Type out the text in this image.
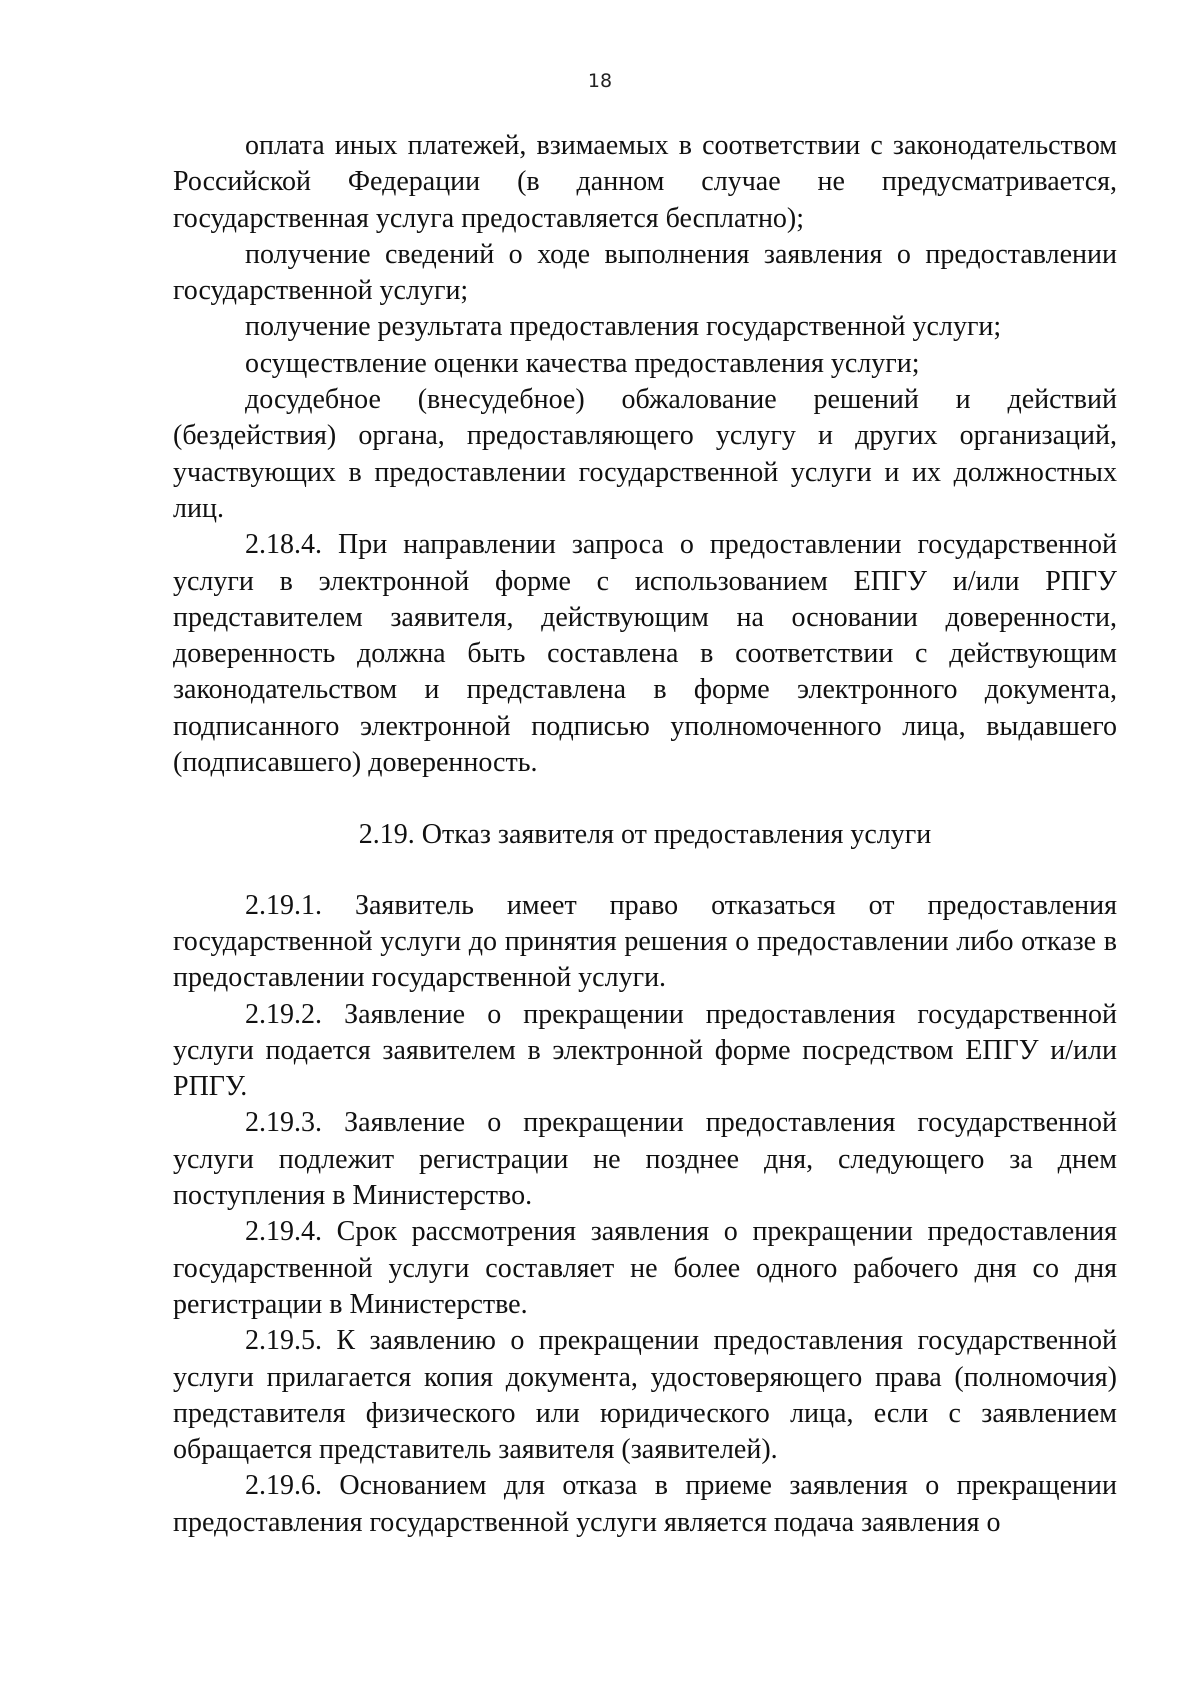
18

оплата иных платежей, взимаемых в соответствии с законодательством Российской Федерации (в данном случае не предусматривается, государственная услуга предоставляется бесплатно);

получение сведений о ходе выполнения заявления о предоставлении государственной услуги;

получение результата предоставления государственной услуги;

осуществление оценки качества предоставления услуги;

досудебное (внесудебное) обжалование решений и действий (бездействия) органа, предоставляющего услугу и других организаций, участвующих в предоставлении государственной услуги и их должностных лиц.

2.18.4. При направлении запроса о предоставлении государственной услуги в электронной форме с использованием ЕПГУ и/или РПГУ представителем заявителя, действующим на основании доверенности, доверенность должна быть составлена в соответствии с действующим законодательством и представлена в форме электронного документа, подписанного электронной подписью уполномоченного лица, выдавшего (подписавшего) доверенность.

2.19. Отказ заявителя от предоставления услуги

2.19.1. Заявитель имеет право отказаться от предоставления государственной услуги до принятия решения о предоставлении либо отказе в предоставлении государственной услуги.

2.19.2. Заявление о прекращении предоставления государственной услуги подается заявителем в электронной форме посредством ЕПГУ и/или РПГУ.

2.19.3. Заявление о прекращении предоставления государственной услуги подлежит регистрации не позднее дня, следующего за днем поступления в Министерство.

2.19.4. Срок рассмотрения заявления о прекращении предоставления государственной услуги составляет не более одного рабочего дня со дня регистрации в Министерстве.

2.19.5. К заявлению о прекращении предоставления государственной услуги прилагается копия документа, удостоверяющего права (полномочия) представителя физического или юридического лица, если с заявлением обращается представитель заявителя (заявителей).

2.19.6. Основанием для отказа в приеме заявления о прекращении предоставления государственной услуги является подача заявления о
